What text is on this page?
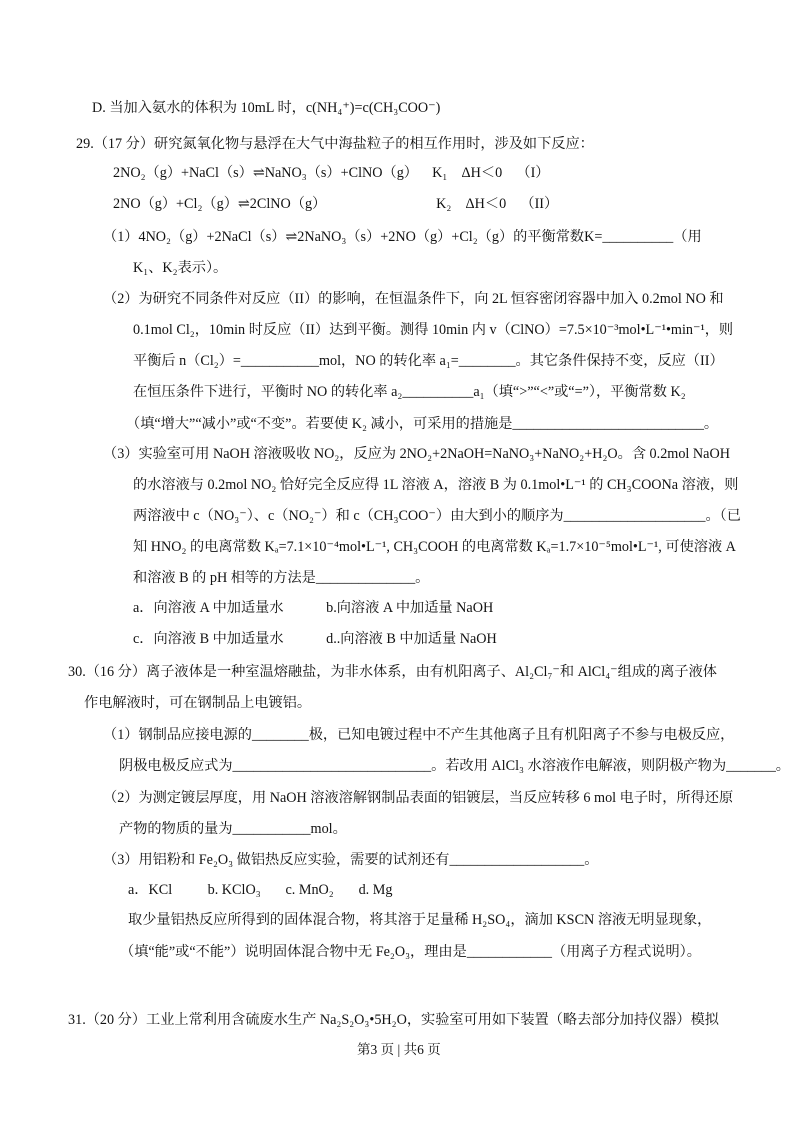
D. 当加入氨水的体积为 10mL 时，c(NH₄⁺)=c(CH₃COO⁻)
29.（17 分）研究氮氧化物与悬浮在大气中海盐粒子的相互作用时，涉及如下反应：
2NO₂（g）+NaCl（s）⇌NaNO₃（s）+ClNO（g）    K₁    ΔH＜0    （I）
2NO（g）+Cl₂（g）⇌2ClNO（g）                               K₂    ΔH＜0    （II）
（1）4NO₂（g）+2NaCl（s）⇌2NaNO₃（s）+2NO（g）+Cl₂（g）的平衡常数K=__________（用
K₁、K₂表示）。
（2）为研究不同条件对反应（II）的影响，在恒温条件下，向 2L 恒容密闭容器中加入 0.2mol NO 和
0.1mol Cl₂，10min 时反应（II）达到平衡。测得 10min 内 v（ClNO）=7.5×10⁻³mol•L⁻¹•min⁻¹，则
平衡后 n（Cl₂）=___________mol，NO 的转化率 a₁=________。其它条件保持不变，反应（II）
在恒压条件下进行，平衡时 NO 的转化率 a₂__________a₁（填“>”“<”或“=”），平衡常数 K₂
（填“增大”“减小”或“不变”。若要使 K₂ 减小，可采用的措施是___________________________。
（3）实验室可用 NaOH 溶液吸收 NO₂，反应为 2NO₂+2NaOH=NaNO₃+NaNO₂+H₂O。含 0.2mol NaOH
的水溶液与 0.2mol NO₂ 恰好完全反应得 1L 溶液 A，溶液 B 为 0.1mol•L⁻¹ 的 CH₃COONa 溶液，则
两溶液中 c（NO₃⁻）、c（NO₂⁻）和 c（CH₃COO⁻）由大到小的顺序为____________________。（已
知 HNO₂ 的电离常数 Kₐ=7.1×10⁻⁴mol•L⁻¹, CH₃COOH 的电离常数 Kₐ=1.7×10⁻⁵mol•L⁻¹, 可使溶液 A
和溶液 B 的 pH 相等的方法是______________。
a．向溶液 A 中加适量水            b.向溶液 A 中加适量 NaOH
c．向溶液 B 中加适量水            d..向溶液 B 中加适量 NaOH
30.（16 分）离子液体是一种室温熔融盐，为非水体系，由有机阳离子、Al₂Cl₇⁻和 AlCl₄⁻组成的离子液体
作电解液时，可在钢制品上电镀铝。
（1）钢制品应接电源的________极，已知电镀过程中不产生其他离子且有机阳离子不参与电极反应，
阴极电极反应式为____________________________。若改用 AlCl₃ 水溶液作电解液，则阴极产物为_______。
（2）为测定镀层厚度，用 NaOH 溶液溶解钢制品表面的铝镀层，当反应转移 6 mol 电子时，所得还原
产物的物质的量为___________mol。
（3）用铝粉和 Fe₂O₃ 做铝热反应实验，需要的试剂还有___________________。
a．KCl          b. KClO₃       c. MnO₂       d. Mg
取少量铝热反应所得到的固体混合物，将其溶于足量稀 H₂SO₄，滴加 KSCN 溶液无明显现象，
（填“能”或“不能”）说明固体混合物中无 Fe₂O₃，理由是____________（用离子方程式说明）。
31.（20 分）工业上常利用含硫废水生产 Na₂S₂O₃•5H₂O，实验室可用如下装置（略去部分加持仪器）模拟
第3 页 | 共6 页
